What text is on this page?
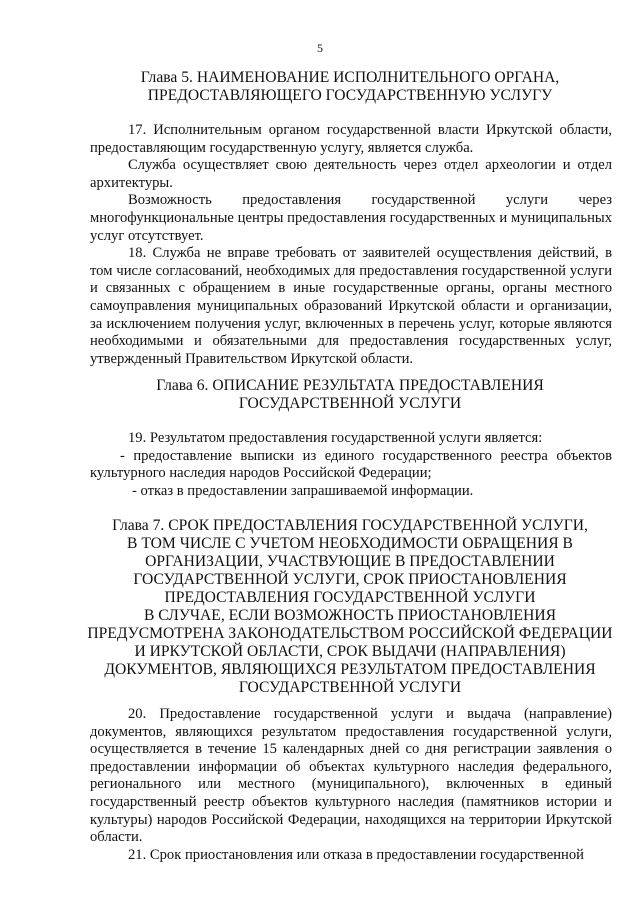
5
Глава 5. НАИМЕНОВАНИЕ ИСПОЛНИТЕЛЬНОГО ОРГАНА,
ПРЕДОСТАВЛЯЮЩЕГО ГОСУДАРСТВЕННУЮ УСЛУГУ

17. Исполнительным органом государственной власти Иркутской области, предоставляющим государственную услугу, является служба.

Служба осуществляет свою деятельность через отдел археологии и отдел архитектуры.

Возможность предоставления государственной услуги через многофункциональные центры предоставления государственных и муниципальных услуг отсутствует.

18. Служба не вправе требовать от заявителей осуществления действий, в том числе согласований, необходимых для предоставления государственной услуги и связанных с обращением в иные государственные органы, органы местного самоуправления муниципальных образований Иркутской области и организации, за исключением получения услуг, включенных в перечень услуг, которые являются необходимыми и обязательными для предоставления государственных услуг, утвержденный Правительством Иркутской области.

Глава 6. ОПИСАНИЕ РЕЗУЛЬТАТА ПРЕДОСТАВЛЕНИЯ
ГОСУДАРСТВЕННОЙ УСЛУГИ

19. Результатом предоставления государственной услуги является:

- предоставление выписки из единого государственного реестра объектов культурного наследия народов Российской Федерации;

- отказ в предоставлении запрашиваемой информации.

Глава 7. СРОК ПРЕДОСТАВЛЕНИЯ ГОСУДАРСТВЕННОЙ УСЛУГИ,
В ТОМ ЧИСЛЕ С УЧЕТОМ НЕОБХОДИМОСТИ ОБРАЩЕНИЯ В
ОРГАНИЗАЦИИ, УЧАСТВУЮЩИЕ В ПРЕДОСТАВЛЕНИИ
ГОСУДАРСТВЕННОЙ УСЛУГИ, СРОК ПРИОСТАНОВЛЕНИЯ
ПРЕДОСТАВЛЕНИЯ ГОСУДАРСТВЕННОЙ УСЛУГИ
В СЛУЧАЕ, ЕСЛИ ВОЗМОЖНОСТЬ ПРИОСТАНОВЛЕНИЯ
ПРЕДУСМОТРЕНА ЗАКОНОДАТЕЛЬСТВОМ РОССИЙСКОЙ ФЕДЕРАЦИИ
И ИРКУТСКОЙ ОБЛАСТИ, СРОК ВЫДАЧИ (НАПРАВЛЕНИЯ)
ДОКУМЕНТОВ, ЯВЛЯЮЩИХСЯ РЕЗУЛЬТАТОМ ПРЕДОСТАВЛЕНИЯ
ГОСУДАРСТВЕННОЙ УСЛУГИ

20. Предоставление государственной услуги и выдача (направление) документов, являющихся результатом предоставления государственной услуги, осуществляется в течение 15 календарных дней со дня регистрации заявления о предоставлении информации об объектах культурного наследия федерального, регионального или местного (муниципального), включенных в единый государственный реестр объектов культурного наследия (памятников истории и культуры) народов Российской Федерации, находящихся на территории Иркутской области.

21. Срок приостановления или отказа в предоставлении государственной
